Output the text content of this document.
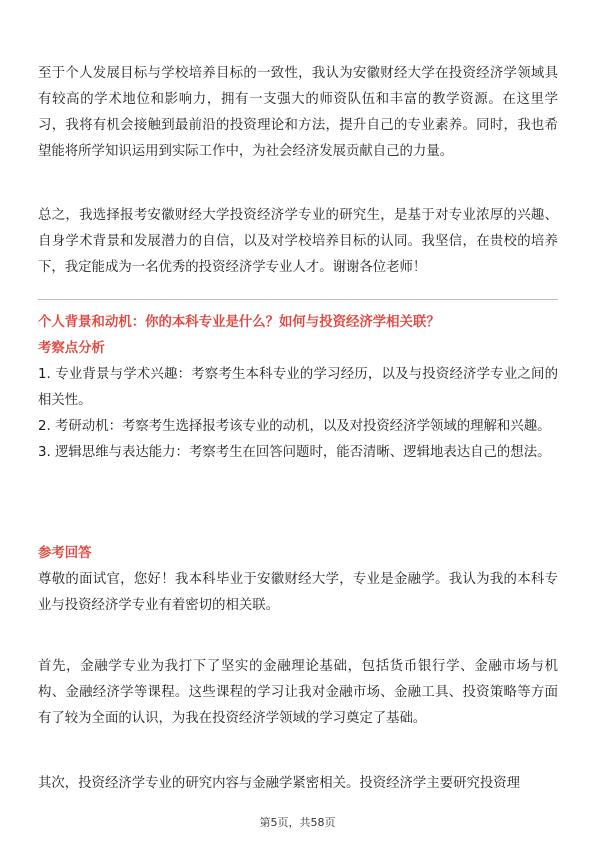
至于个人发展目标与学校培养目标的一致性，我认为安徽财经大学在投资经济学领域具有较高的学术地位和影响力，拥有一支强大的师资队伍和丰富的教学资源。在这里学习，我将有机会接触到最前沿的投资理论和方法，提升自己的专业素养。同时，我也希望能将所学知识运用到实际工作中，为社会经济发展贡献自己的力量。

总之，我选择报考安徽财经大学投资经济学专业的研究生，是基于对专业浓厚的兴趣、自身学术背景和发展潜力的自信，以及对学校培养目标的认同。我坚信，在贵校的培养下，我定能成为一名优秀的投资经济学专业人才。谢谢各位老师！

个人背景和动机：你的本科专业是什么？如何与投资经济学相关联？

考察点分析

1. 专业背景与学术兴趣：考察考生本科专业的学习经历，以及与投资经济学专业之间的相关性。

2. 考研动机：考察考生选择报考该专业的动机，以及对投资经济学领域的理解和兴趣。

3. 逻辑思维与表达能力：考察考生在回答问题时，能否清晰、逻辑地表达自己的想法。

参考回答

尊敬的面试官，您好！我本科毕业于安徽财经大学，专业是金融学。我认为我的本科专业与投资经济学专业有着密切的相关联。

首先，金融学专业为我打下了坚实的金融理论基础，包括货币银行学、金融市场与机构、金融经济学等课程。这些课程的学习让我对金融市场、金融工具、投资策略等方面有了较为全面的认识，为我在投资经济学领域的学习奠定了基础。

其次，投资经济学专业的研究内容与金融学紧密相关。投资经济学主要研究投资理

第5页，共58页
